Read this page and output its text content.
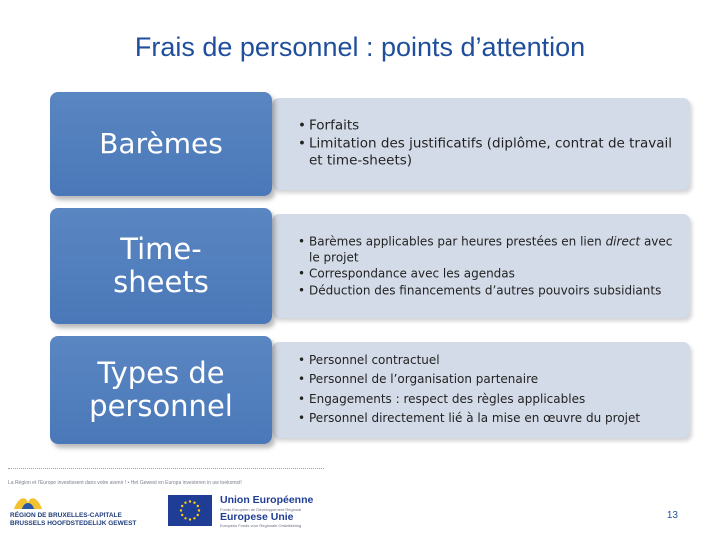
Frais de personnel : points d’attention
• Forfaits
• Limitation des justificatifs (diplôme, contrat de travail et time-sheets)
Barèmes
• Barèmes applicables par heures prestées en lien direct avec le projet
• Correspondance avec les agendas
• Déduction des financements d’autres pouvoirs subsidiants
Time-
sheets
• Personnel contractuel
• Personnel de l’organisation partenaire
• Engagements : respect des règles applicables
• Personnel directement lié à la mise en œuvre du projet
Types de
personnel
La Région et l’Europe investissent dans votre avenir ! • Het Gewest en Europa investeren in uw toekomst!
RÉGION DE BRUXELLES-CAPITALE
BRUSSELS HOOFDSTEDELIJK GEWEST
Union Européenne
Fonds Européen de Développement Régional
Europese Unie
Europees Fonds voor Regionale Ontwikkeling
13
